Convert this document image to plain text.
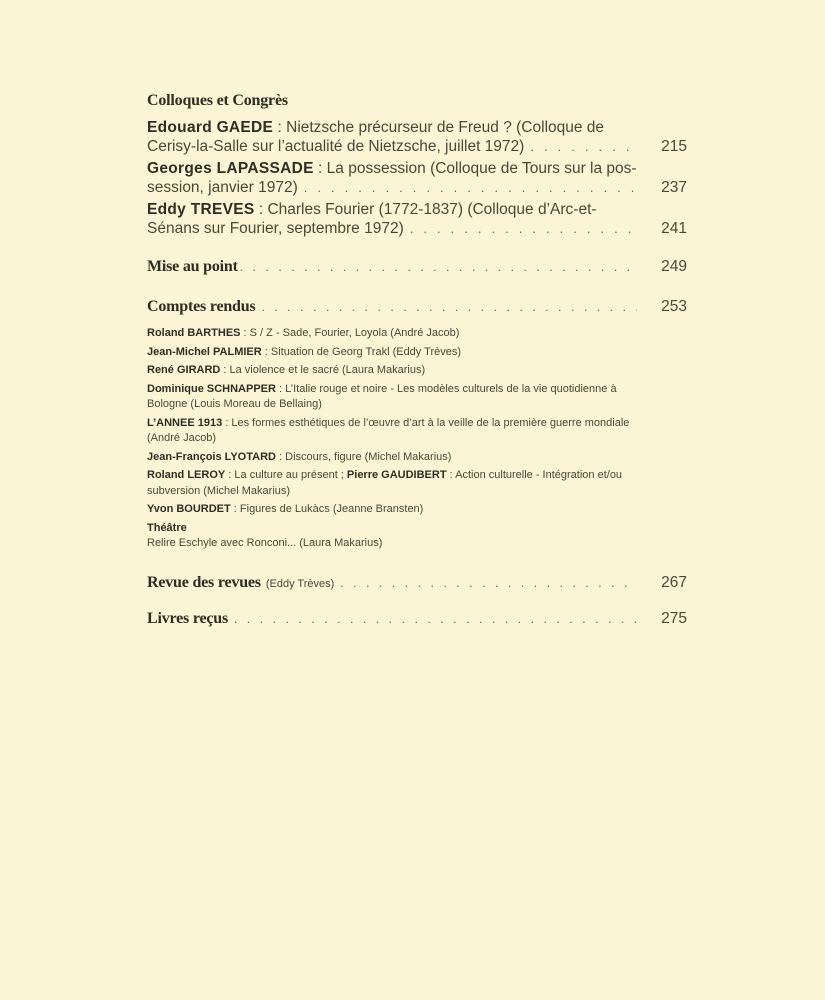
Colloques et Congrès
Edouard GAEDE : Nietzsche précurseur de Freud ? (Colloque de
Cerisy-la-Salle sur l’actualité de Nietzsche, juillet 1972) . . .	215
Georges LAPASSADE : La possession (Colloque de Tours sur la pos-
session, janvier 1972) . . .	237
Eddy TREVES : Charles Fourier (1772-1837) (Colloque d’Arc-et-
Sénans sur Fourier, septembre 1972) . . .	241
Mise au point . . .	249
Comptes rendus . . .	253
Roland BARTHES : S / Z - Sade, Fourier, Loyola (André Jacob)
Jean-Michel PALMIER : Situation de Georg Trakl (Eddy Trèves)
René GIRARD : La violence et le sacré (Laura Makarius)
Dominique SCHNAPPER : L’Italie rouge et noire - Les modèles culturels de la vie quotidienne à Bologne (Louis Moreau de Bellaing)
L’ANNEE 1913 : Les formes esthétiques de l’œuvre d’art à la veille de la première guerre mondiale (André Jacob)
Jean-François LYOTARD : Discours, figure (Michel Makarius)
Roland LEROY : La culture au présent ; Pierre GAUDIBERT : Action culturelle - Intégration et/ou subversion (Michel Makarius)
Yvon BOURDET : Figures de Lukàcs (Jeanne Bransten)
Théâtre
Relire Eschyle avec Ronconi... (Laura Makarius)
Revue des revues (Eddy Trèves) . . .	267
Livres reçus . . .	275
